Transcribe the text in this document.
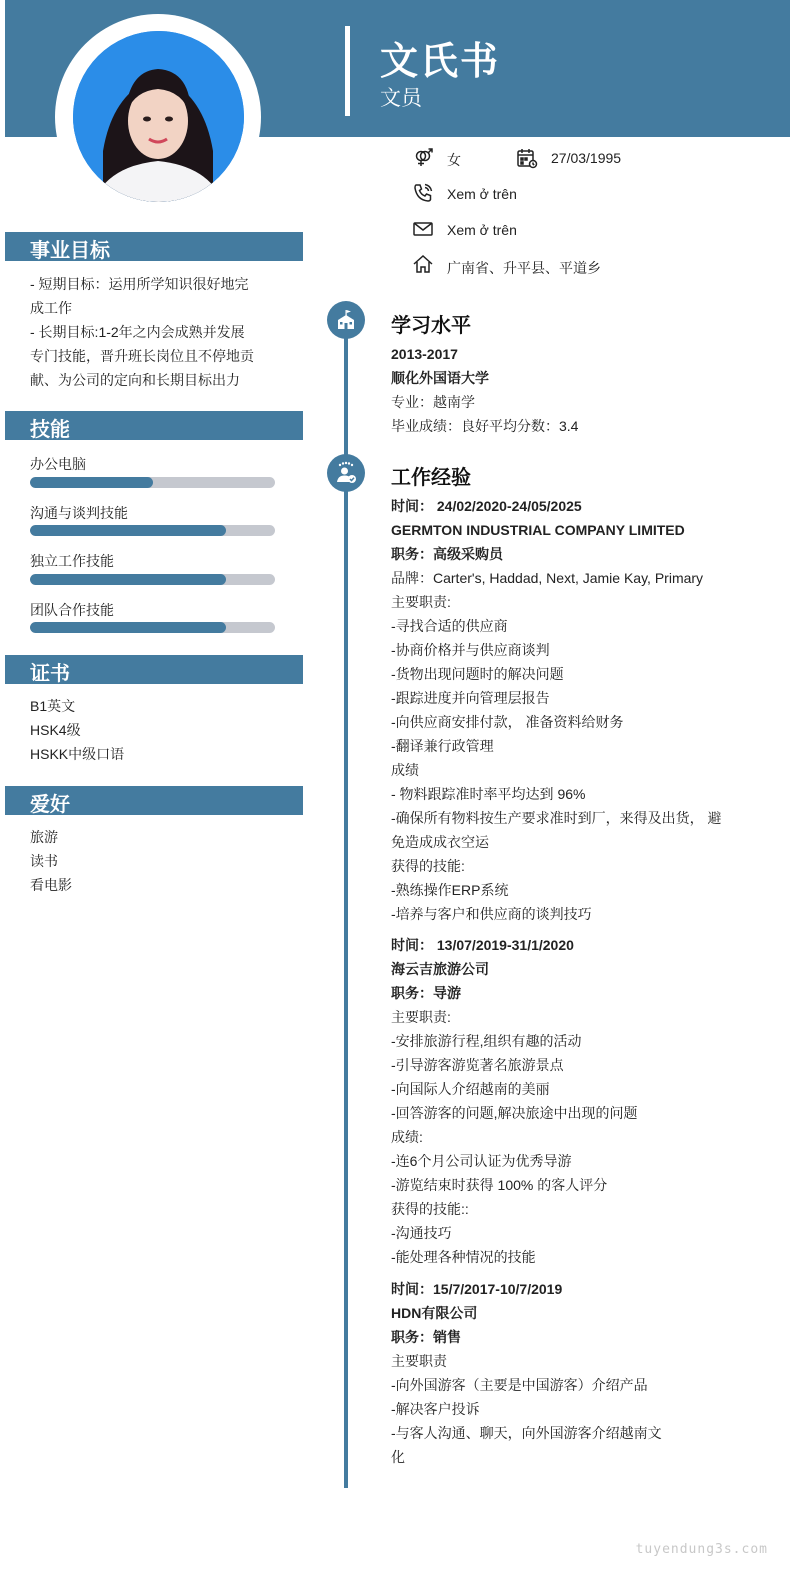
文氏书
文员
女	27/03/1995
Xem ở trên
Xem ở trên
广南省、升平县、平道乡
事业目标
- 短期目标：运用所学知识很好地完
成工作
- 长期目标:1-2年之内会成熟并发展
专门技能，晋升班长岗位且不停地贡
献、为公司的定向和长期目标出力
技能
办公电脑
沟通与谈判技能
独立工作技能
团队合作技能
证书
B1英文
HSK4级
HSKK中级口语
爱好
旅游
读书
看电影
学习水平
2013-2017
顺化外国语大学
专业：越南学
毕业成绩：良好平均分数：3.4
工作经验
时间： 24/02/2020-24/05/2025
GERMTON INDUSTRIAL COMPANY LIMITED
职务：高级采购员
品牌：Carter's, Haddad, Next, Jamie Kay, Primary
主要职责:
-寻找合适的供应商
-协商价格并与供应商谈判
-货物出现问题时的解决问题
-跟踪进度并向管理层报告
-向供应商安排付款， 准备资料给财务
-翻译兼行政管理
成绩
- 物料跟踪准时率平均达到 96%
-确保所有物料按生产要求准时到厂，来得及出货， 避
免造成成衣空运
获得的技能:
-熟练操作ERP系统
-培养与客户和供应商的谈判技巧
时间： 13/07/2019-31/1/2020
海云吉旅游公司
职务：导游
主要职责:
-安排旅游行程,组织有趣的活动
-引导游客游览著名旅游景点
-向国际人介绍越南的美丽
-回答游客的问题,解决旅途中出现的问题
成绩:
-连6个月公司认证为优秀导游
-游览结束时获得 100% 的客人评分
获得的技能::
-沟通技巧
-能处理各种情况的技能
时间：15/7/2017-10/7/2019
HDN有限公司
职务：销售
主要职责
-向外国游客（主要是中国游客）介绍产品
-解决客户投诉
-与客人沟通、聊天，向外国游客介绍越南文
化
tuyendung3s.com
